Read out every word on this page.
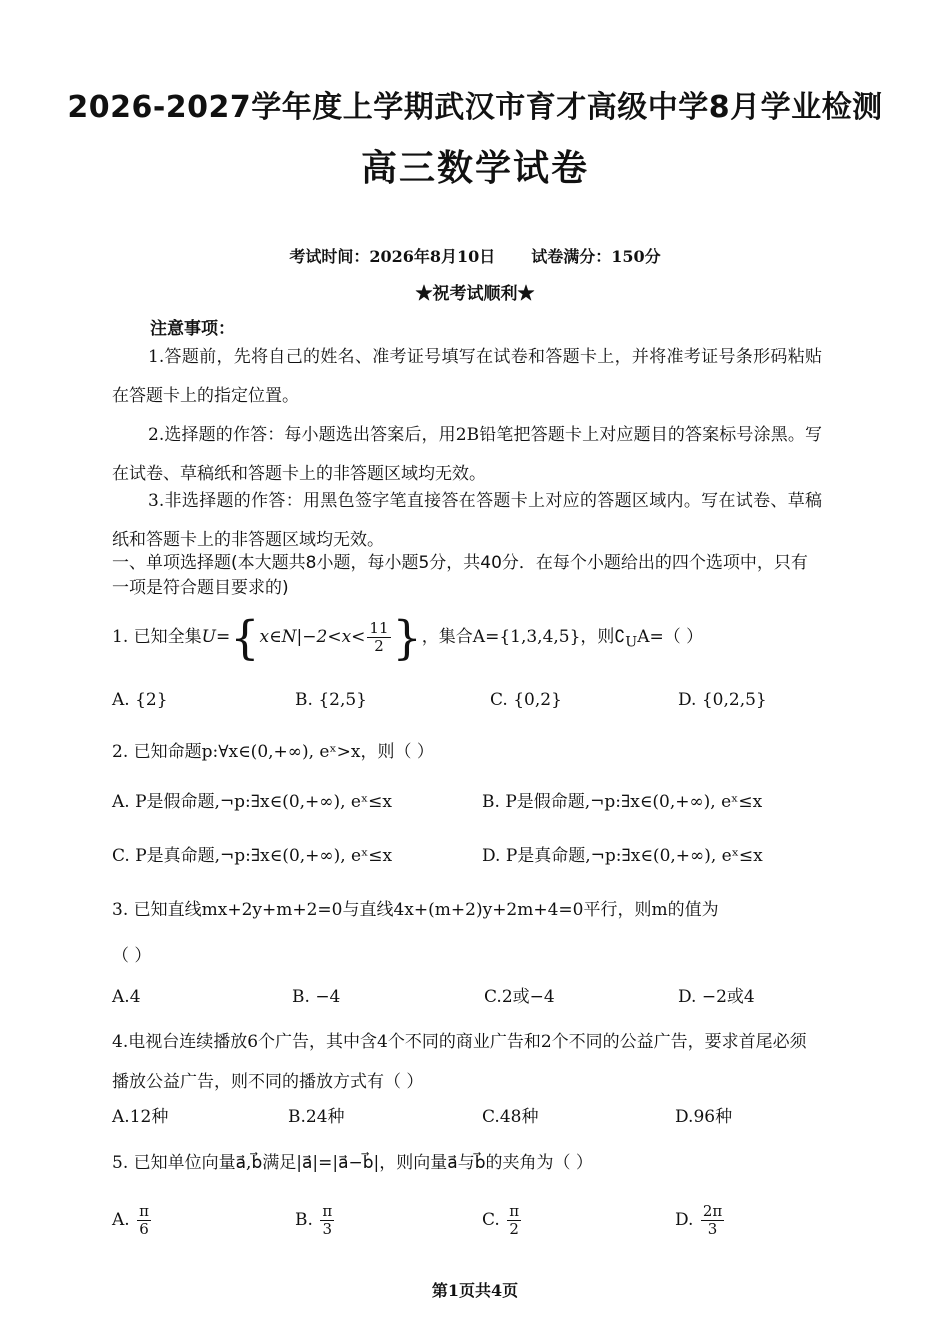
2026-2027学年度上学期武汉市育才高级中学8月学业检测
高三数学试卷
考试时间：2026年8月10日 试卷满分：150分
★祝考试顺利★
注意事项：
1.答题前，先将自己的姓名、准考证号填写在试卷和答题卡上，并将准考证号条形码粘贴在答题卡上的指定位置。
2.选择题的作答：每小题选出答案后，用2B铅笔把答题卡上对应题目的答案标号涂黑。写在试卷、草稿纸和答题卡上的非答题区域均无效。
3.非选择题的作答：用黑色签字笔直接答在答题卡上对应的答题区域内。写在试卷、草稿纸和答题卡上的非答题区域均无效。
一、单项选择题(本大题共8小题，每小题5分，共40分．在每个小题给出的四个选项中，只有一项是符合题目要求的)
1. 已知全集U={x∈N|−2<x< $\frac{11}{2}$ }，集合A={1,3,4,5}，则$∁_UA=$（ ）
A. {2}	B. {2,5}	C. {0,2}	D. {0,2,5}
2. 已知命题p:∀x∈(0,+∞), eˣ>x，则（ ）
A. P是假命题,¬p:∃x∈(0,+∞), eˣ≤x	B. P是假命题,¬p:∃x∈(0,+∞), eˣ≤x
C. P是真命题,¬p:∃x∈(0,+∞), eˣ≤x	D. P是真命题,¬p:∃x∈(0,+∞), eˣ≤x
3. 已知直线mx+2y+m+2=0与直线4x+(m+2)y+2m+4=0平行，则m的值为
（ ）
A.4	B. −4	C.2或−4	D. −2或4
4.电视台连续播放6个广告，其中含4个不同的商业广告和2个不同的公益广告，要求首尾必须播放公益广告，则不同的播放方式有（ ）
A.12种	B.24种	C.48种	D.96种
5. 已知单位向量a⃗,b⃗满足|a⃗|=|a⃗−b⃗|，则向量a⃗与b⃗的夹角为（ ）
A. $\frac{\pi}{6}$	B. $\frac{\pi}{3}$	C. $\frac{\pi}{2}$	D. $\frac{2\pi}{3}$
第1页共4页
